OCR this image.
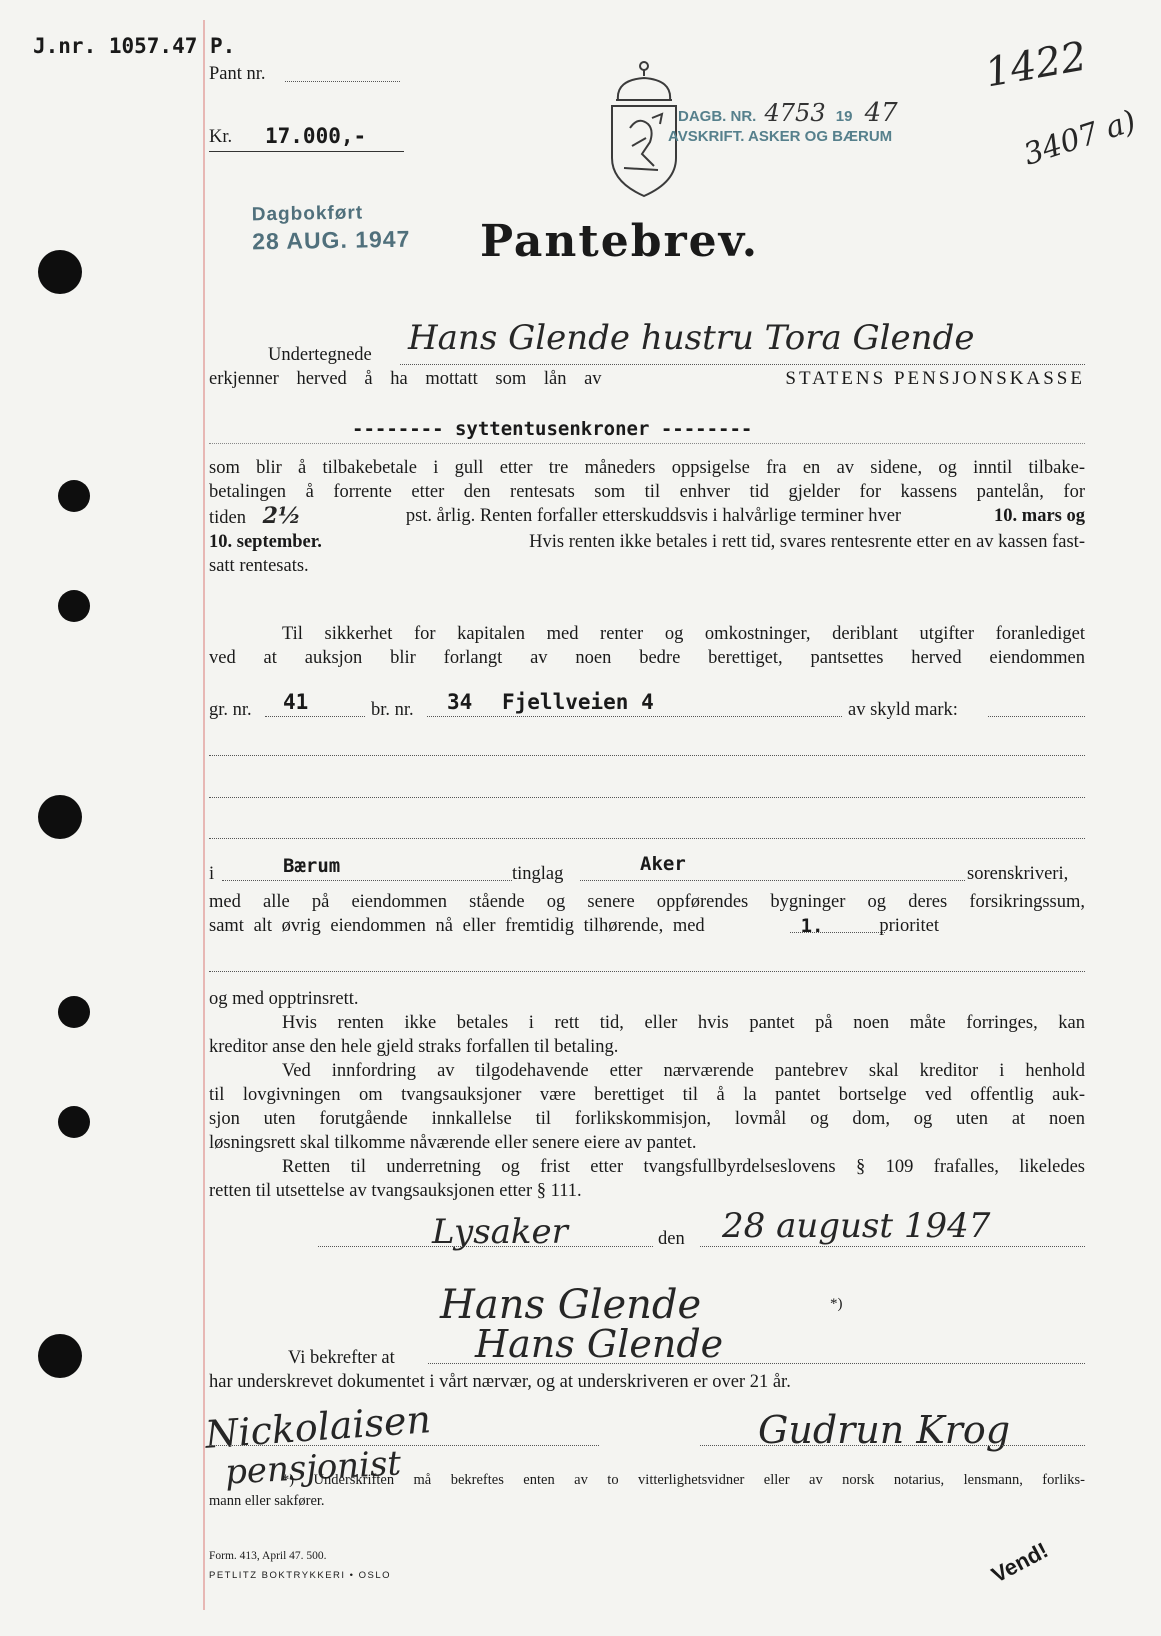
J.nr. 1057.47 P.
Pant nr.
Kr. 17.000,-
Dagbokført
28 AUG. 1947
DAGB. NR. 4753 19 47
AVSKRIFT. ASKER OG BÆRUM
1422
3407 a)
Pantebrev.
Undertegnede Hans Glende hustru Tora Glende
erkjenner herved å ha mottatt som lån av	STATENS PENSJONSKASSE
-------- syttentusenkroner --------
som blir å tilbakebetale i gull etter tre måneders oppsigelse fra en av sidene, og inntil tilbake-
betalingen å forrente etter den rentesats som til enhver tid gjelder for kassens pantelån, for
tiden 2½	pst. årlig. Renten forfaller etterskuddsvis i halvårlige terminer hver	10. mars og
10. september.	Hvis renten ikke betales i rett tid, svares rentesrente etter en av kassen fast-
satt rentesats.
Til sikkerhet for kapitalen med renter og omkostninger, deriblant utgifter foranlediget
ved at auksjon blir forlangt av noen bedre berettiget, pantsettes herved eiendommen
gr. nr. 41	br. nr. 34 Fjellveien 4	av skyld mark:
i	Bærum	tinglag	Aker	sorenskriveri,
med alle på eiendommen stående og senere oppførendes bygninger og deres forsikringssum,
samt alt øvrig eiendommen nå eller fremtidig tilhørende, med	1.	prioritet
og med opptrinsrett.
Hvis renten ikke betales i rett tid, eller hvis pantet på noen måte forringes, kan
kreditor anse den hele gjeld straks forfallen til betaling.
Ved innfordring av tilgodehavende etter nærværende pantebrev skal kreditor i henhold
til lovgivningen om tvangsauksjoner være berettiget til å la pantet bortselge ved offentlig auk-
sjon uten forutgående innkallelse til forlikskommisjon, lovmål og dom, og uten at noen
løsningsrett skal tilkomme nåværende eller senere eiere av pantet.
Retten til underretning og frist etter tvangsfullbyrdelseslovens § 109 frafalles, likeledes
retten til utsettelse av tvangsauksjonen etter § 111.
Lysaker	den 28 august 1947
Hans Glende	*)
Vi bekrefter at Hans Glende
har underskrevet dokumentet i vårt nærvær, og at underskriveren er over 21 år.
Nickolaisen
pensjonist
Gudrun Krog
*) Underskriften må bekreftes enten av to vitterlighetsvidner eller av norsk notarius, lensmann, forliks-
mann eller sakfører.
Form. 413, April 47. 500.
PETLITZ BOKTRYKKERI • OSLO	Vend!
